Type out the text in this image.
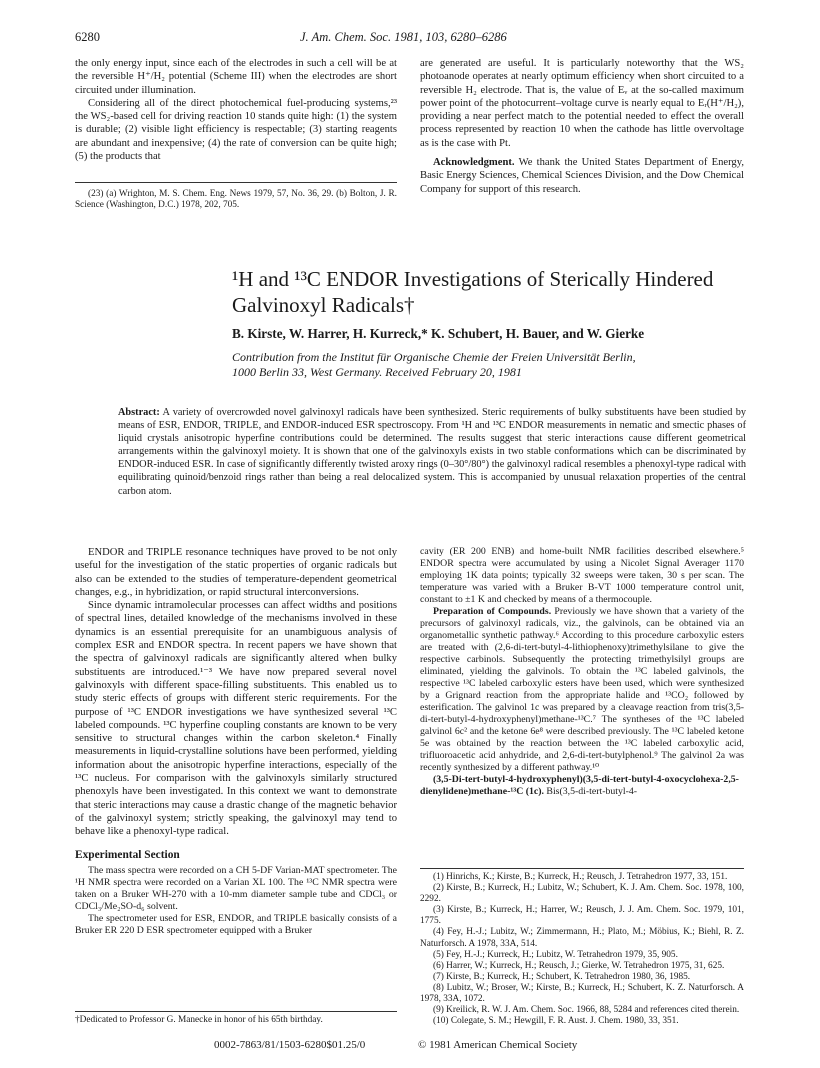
6280	J. Am. Chem. Soc. 1981, 103, 6280–6286

the only energy input, since each of the electrodes in such a cell will be at the reversible H⁺/H₂ potential (Scheme III) when the electrodes are short circuited under illumination.

Considering all of the direct photochemical fuel-producing systems,²³ the WS₂-based cell for driving reaction 10 stands quite high: (1) the system is durable; (2) visible light efficiency is respectable; (3) starting reagents are abundant and inexpensive; (4) the rate of conversion can be quite high; (5) the products that

(23) (a) Wrighton, M. S. Chem. Eng. News 1979, 57, No. 36, 29. (b) Bolton, J. R. Science (Washington, D.C.) 1978, 202, 705.

are generated are useful. It is particularly noteworthy that the WS₂ photoanode operates at nearly optimum efficiency when short circuited to a reversible H₂ electrode. That is, the value of Eᵥ at the so-called maximum power point of the photocurrent–voltage curve is nearly equal to Eᵣ(H⁺/H₂), providing a near perfect match to the potential needed to effect the overall process represented by reaction 10 when the cathode has little overvoltage as is the case with Pt.

Acknowledgment. We thank the United States Department of Energy, Basic Energy Sciences, Chemical Sciences Division, and the Dow Chemical Company for support of this research.

¹H and ¹³C ENDOR Investigations of Sterically Hindered
Galvinoxyl Radicals†
B. Kirste, W. Harrer, H. Kurreck,* K. Schubert, H. Bauer, and W. Gierke
Contribution from the Institut für Organische Chemie der Freien Universität Berlin,
1000 Berlin 33, West Germany. Received February 20, 1981

Abstract: A variety of overcrowded novel galvinoxyl radicals have been synthesized. Steric requirements of bulky substituents have been studied by means of ESR, ENDOR, TRIPLE, and ENDOR-induced ESR spectroscopy. From ¹H and ¹³C ENDOR measurements in nematic and smectic phases of liquid crystals anisotropic hyperfine contributions could be determined. The results suggest that steric interactions cause different geometrical arrangements within the galvinoxyl moiety. It is shown that one of the galvinoxyls exists in two stable conformations which can be discriminated by ENDOR-induced ESR. In case of significantly differently twisted aroxy rings (0–30°/80°) the galvinoxyl radical resembles a phenoxyl-type radical with equilibrating quinoid/benzoid rings rather than being a real delocalized system. This is accompanied by unusual relaxation properties of the central carbon atom.

ENDOR and TRIPLE resonance techniques have proved to be not only useful for the investigation of the static properties of organic radicals but also can be extended to the studies of temperature-dependent geometrical changes, e.g., in hybridization, or rapid structural interconversions.

Since dynamic intramolecular processes can affect widths and positions of spectral lines, detailed knowledge of the mechanisms involved in these dynamics is an essential prerequisite for an unambiguous analysis of complex ESR and ENDOR spectra. In recent papers we have shown that the spectra of galvinoxyl radicals are significantly altered when bulky substituents are introduced.¹⁻³ We have now prepared several novel galvinoxyls with different space-filling substituents. This enabled us to study steric effects of groups with different steric requirements. For the purpose of ¹³C ENDOR investigations we have synthesized several ¹³C labeled compounds. ¹³C hyperfine coupling constants are known to be very sensitive to structural changes within the carbon skeleton.⁴ Finally measurements in liquid-crystalline solutions have been performed, yielding information about the anisotropic hyperfine interactions, especially of the ¹³C nucleus. For comparison with the galvinoxyls similarly structured phenoxyls have been investigated. In this context we want to demonstrate that steric interactions may cause a drastic change of the magnetic behavior of the galvinoxyl system; strictly speaking, the galvinoxyl may tend to behave like a phenoxyl-type radical.

Experimental Section

The mass spectra were recorded on a CH 5-DF Varian-MAT spectrometer. The ¹H NMR spectra were recorded on a Varian XL 100. The ¹³C NMR spectra were taken on a Bruker WH-270 with a 10-mm diameter sample tube and CDCl₃ or CDCl₃/Me₂SO-d₆ solvent.

The spectrometer used for ESR, ENDOR, and TRIPLE basically consists of a Bruker ER 220 D ESR spectrometer equipped with a Bruker

†Dedicated to Professor G. Manecke in honor of his 65th birthday.

cavity (ER 200 ENB) and home-built NMR facilities described elsewhere.⁵ ENDOR spectra were accumulated by using a Nicolet Signal Averager 1170 employing 1K data points; typically 32 sweeps were taken, 30 s per scan. The temperature was varied with a Bruker B-VT 1000 temperature control unit, constant to ±1 K and checked by means of a thermocouple.

Preparation of Compounds. Previously we have shown that a variety of the precursors of galvinoxyl radicals, viz., the galvinols, can be obtained via an organometallic synthetic pathway.⁶ According to this procedure carboxylic esters are treated with (2,6-di-tert-butyl-4-lithiophenoxy)trimethylsilane to give the respective carbinols. Subsequently the protecting trimethylsilyl groups are eliminated, yielding the galvinols. To obtain the ¹³C labeled galvinols, the respective ¹³C labeled carboxylic esters have been used, which were synthesized by a Grignard reaction from the appropriate halide and ¹³CO₂ followed by esterification. The galvinol 1c was prepared by a cleavage reaction from tris(3,5-di-tert-butyl-4-hydroxyphenyl)methane-¹³C.⁷ The syntheses of the ¹³C labeled galvinol 6c² and the ketone 6e⁸ were described previously. The ¹³C labeled ketone 5e was obtained by the reaction between the ¹³C labeled carboxylic acid, trifluoroacetic acid anhydride, and 2,6-di-tert-butylphenol.⁹ The galvinol 2a was recently synthesized by a different pathway.¹⁰

(3,5-Di-tert-butyl-4-hydroxyphenyl)(3,5-di-tert-butyl-4-oxocyclohexa-2,5-dienylidene)methane-¹³C (1c). Bis(3,5-di-tert-butyl-4-

(1) Hinrichs, K.; Kirste, B.; Kurreck, H.; Reusch, J. Tetrahedron 1977, 33, 151.
(2) Kirste, B.; Kurreck, H.; Lubitz, W.; Schubert, K. J. Am. Chem. Soc. 1978, 100, 2292.
(3) Kirste, B.; Kurreck, H.; Harrer, W.; Reusch, J. J. Am. Chem. Soc. 1979, 101, 1775.
(4) Fey, H.-J.; Lubitz, W.; Zimmermann, H.; Plato, M.; Möbius, K.; Biehl, R. Z. Naturforsch. A 1978, 33A, 514.
(5) Fey, H.-J.; Kurreck, H.; Lubitz, W. Tetrahedron 1979, 35, 905.
(6) Harrer, W.; Kurreck, H.; Reusch, J.; Gierke, W. Tetrahedron 1975, 31, 625.
(7) Kirste, B.; Kurreck, H.; Schubert, K. Tetrahedron 1980, 36, 1985.
(8) Lubitz, W.; Broser, W.; Kirste, B.; Kurreck, H.; Schubert, K. Z. Naturforsch. A 1978, 33A, 1072.
(9) Kreilick, R. W. J. Am. Chem. Soc. 1966, 88, 5284 and references cited therein.
(10) Colegate, S. M.; Hewgill, F. R. Aust. J. Chem. 1980, 33, 351.
0002-7863/81/1503-6280$01.25/0	© 1981 American Chemical Society
